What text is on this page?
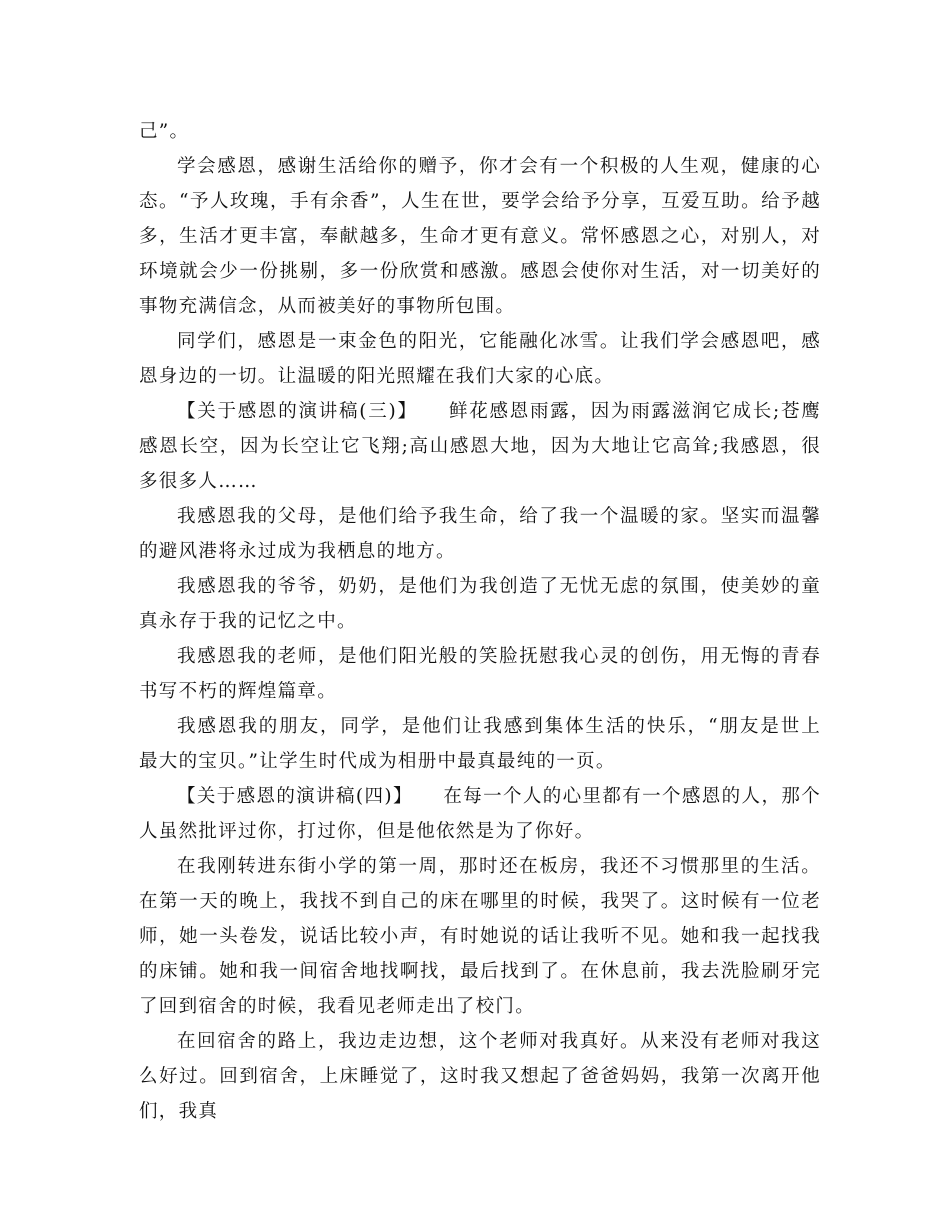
己”。

学会感恩，感谢生活给你的赠予，你才会有一个积极的人生观，健康的心态。“予人玫瑰，手有余香”，人生在世，要学会给予分享，互爱互助。给予越多，生活才更丰富，奉献越多，生命才更有意义。常怀感恩之心，对别人，对环境就会少一份挑剔，多一份欣赏和感激。感恩会使你对生活，对一切美好的事物充满信念，从而被美好的事物所包围。

同学们，感恩是一束金色的阳光，它能融化冰雪。让我们学会感恩吧，感恩身边的一切。让温暖的阳光照耀在我们大家的心底。

【关于感恩的演讲稿(三)】　　鲜花感恩雨露，因为雨露滋润它成长;苍鹰感恩长空，因为长空让它飞翔;高山感恩大地，因为大地让它高耸;我感恩，很多很多人……

我感恩我的父母，是他们给予我生命，给了我一个温暖的家。坚实而温馨的避风港将永过成为我栖息的地方。

我感恩我的爷爷，奶奶，是他们为我创造了无忧无虑的氛围，使美妙的童真永存于我的记忆之中。

我感恩我的老师，是他们阳光般的笑脸抚慰我心灵的创伤，用无悔的青春书写不朽的辉煌篇章。

我感恩我的朋友，同学，是他们让我感到集体生活的快乐，“朋友是世上最大的宝贝。”让学生时代成为相册中最真最纯的一页。

【关于感恩的演讲稿(四)】　　在每一个人的心里都有一个感恩的人，那个人虽然批评过你，打过你，但是他依然是为了你好。

在我刚转进东街小学的第一周，那时还在板房，我还不习惯那里的生活。在第一天的晚上，我找不到自己的床在哪里的时候，我哭了。这时候有一位老师，她一头卷发，说话比较小声，有时她说的话让我听不见。她和我一起找我的床铺。她和我一间宿舍地找啊找，最后找到了。在休息前，我去洗脸刷牙完了回到宿舍的时候，我看见老师走出了校门。

在回宿舍的路上，我边走边想，这个老师对我真好。从来没有老师对我这么好过。回到宿舍，上床睡觉了，这时我又想起了爸爸妈妈，我第一次离开他们，我真
